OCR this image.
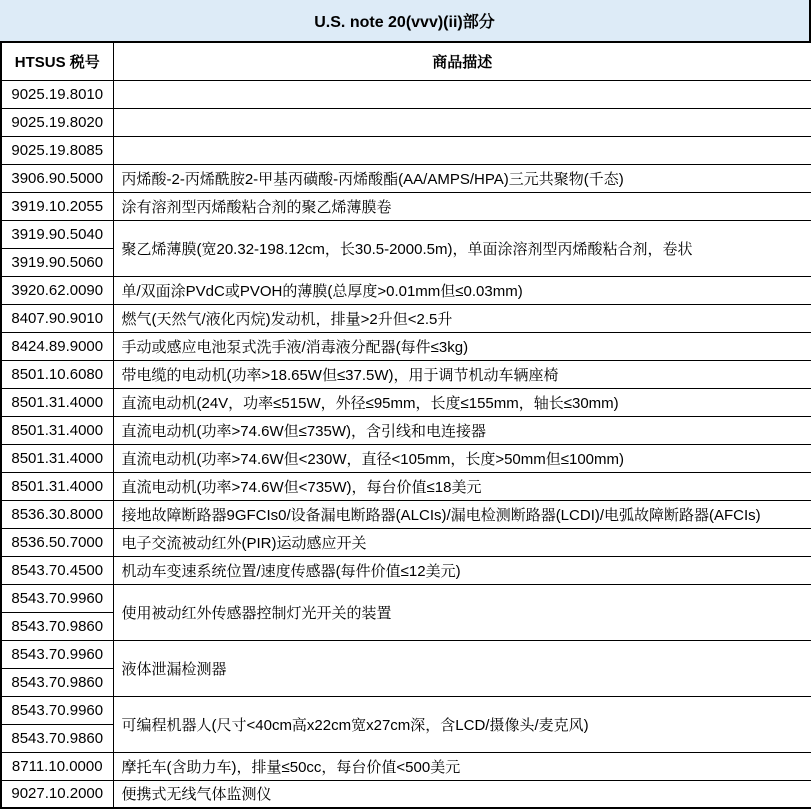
U.S. note 20(vvv)(ii)部分
HTSUS 税号	商品描述
9025.19.8010	
9025.19.8020	
9025.19.8085	
3906.90.5000	丙烯酸-2-丙烯酰胺2-甲基丙磺酸-丙烯酸酯(AA/AMPS/HPA)三元共聚物(千态)
3919.10.2055	涂有溶剂型丙烯酸粘合剂的聚乙烯薄膜卷
3919.90.5040	聚乙烯薄膜(宽20.32-198.12cm，长30.5-2000.5m)，单面涂溶剂型丙烯酸粘合剂，卷状
3919.90.5060	
3920.62.0090	单/双面涂PVdC或PVOH的薄膜(总厚度>0.01mm但≤0.03mm)
8407.90.9010	燃气(天然气/液化丙烷)发动机，排量>2升但<2.5升
8424.89.9000	手动或感应电池泵式洗手液/消毒液分配器(每件≤3kg)
8501.10.6080	带电缆的电动机(功率>18.65W但≤37.5W)，用于调节机动车辆座椅
8501.31.4000	直流电动机(24V，功率≤515W，外径≤95mm，长度≤155mm，轴长≤30mm)
8501.31.4000	直流电动机(功率>74.6W但≤735W)，含引线和电连接器
8501.31.4000	直流电动机(功率>74.6W但<230W，直径<105mm，长度>50mm但≤100mm)
8501.31.4000	直流电动机(功率>74.6W但<735W)，每台价值≤18美元
8536.30.8000	接地故障断路器9GFCIs0/设备漏电断路器(ALCIs)/漏电检测断路器(LCDI)/电弧故障断路器(AFCIs)
8536.50.7000	电子交流被动红外(PIR)运动感应开关
8543.70.4500	机动车变速系统位置/速度传感器(每件价值≤12美元)
8543.70.9960	使用被动红外传感器控制灯光开关的装置
8543.70.9860	
8543.70.9960	液体泄漏检测器
8543.70.9860	
8543.70.9960	可编程机器人(尺寸<40cm高x22cm宽x27cm深，含LCD/摄像头/麦克风)
8543.70.9860	
8711.10.0000	摩托车(含助力车)，排量≤50cc，每台价值<500美元
9027.10.2000	便携式无线气体监测仪
